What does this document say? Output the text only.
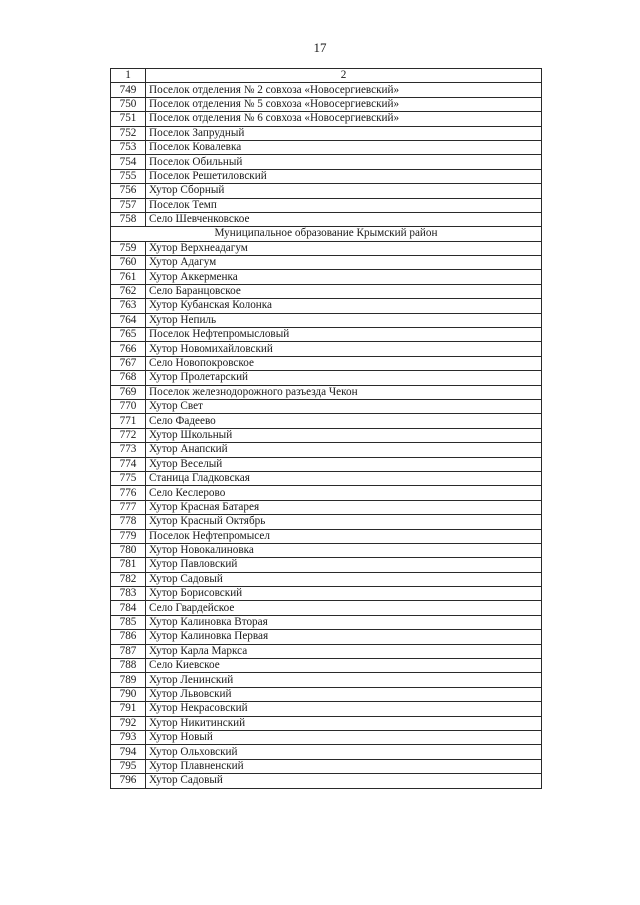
17
1	2
749	Поселок отделения № 2 совхоза «Новосергиевский»
750	Поселок отделения № 5 совхоза «Новосергиевский»
751	Поселок отделения № 6 совхоза «Новосергиевский»
752	Поселок Запрудный
753	Поселок Ковалевка
754	Поселок Обильный
755	Поселок Решетиловский
756	Хутор Сборный
757	Поселок Темп
758	Село Шевченковское
Муниципальное образование Крымский район	
759	Хутор Верхнеадагум
760	Хутор Адагум
761	Хутор Аккерменка
762	Село Баранцовское
763	Хутор Кубанская Колонка
764	Хутор Непиль
765	Поселок Нефтепромысловый
766	Хутор Новомихайловский
767	Село Новопокровское
768	Хутор Пролетарский
769	Поселок железнодорожного разъезда Чекон
770	Хутор Свет
771	Село Фадеево
772	Хутор Школьный
773	Хутор Анапский
774	Хутор Веселый
775	Станица Гладковская
776	Село Кеслерово
777	Хутор Красная Батарея
778	Хутор Красный Октябрь
779	Поселок Нефтепромысел
780	Хутор Новокалиновка
781	Хутор Павловский
782	Хутор Садовый
783	Хутор Борисовский
784	Село Гвардейское
785	Хутор Калиновка Вторая
786	Хутор Калиновка Первая
787	Хутор Карла Маркса
788	Село Киевское
789	Хутор Ленинский
790	Хутор Львовский
791	Хутор Некрасовский
792	Хутор Никитинский
793	Хутор Новый
794	Хутор Ольховский
795	Хутор Плавненский
796	Хутор Садовый
